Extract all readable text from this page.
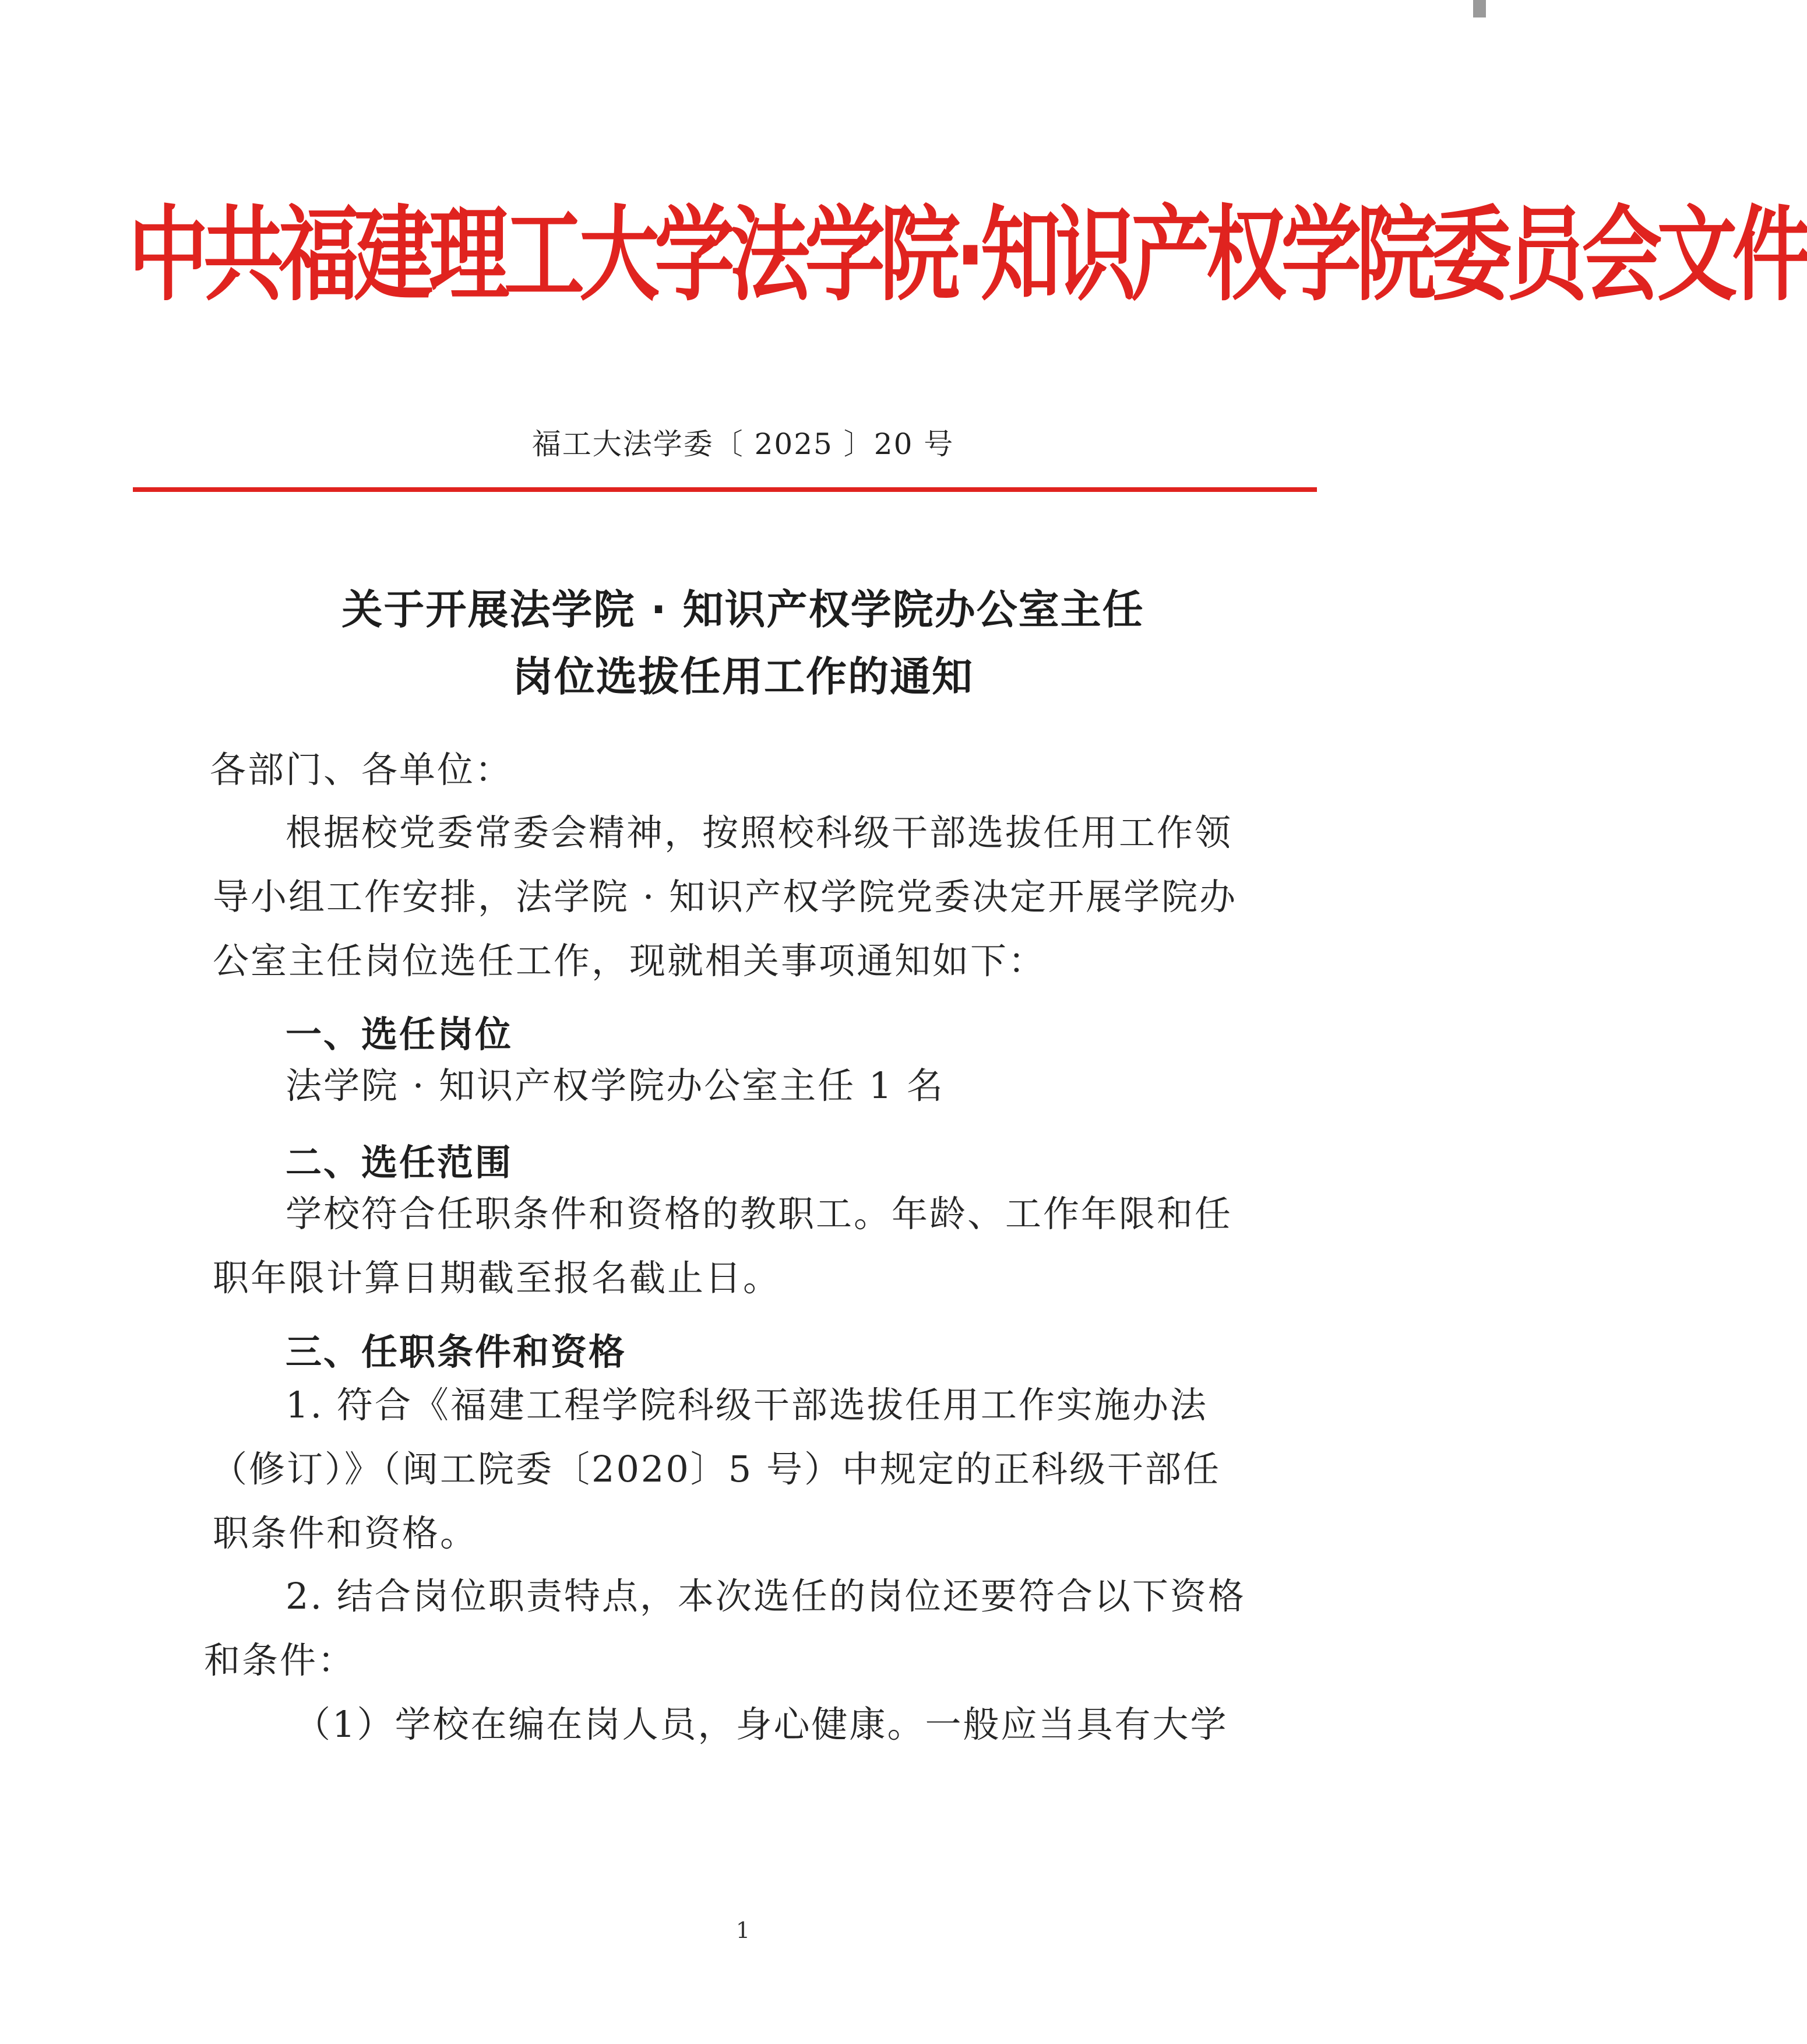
中共福建理工大学法学院·知识产权学院委员会文件
福工大法学委〔 2025 〕20 号
关于开展法学院 · 知识产权学院办公室主任
岗位选拔任用工作的通知
各部门、各单位：
根据校党委常委会精神，按照校科级干部选拔任用工作领
导小组工作安排，法学院 · 知识产权学院党委决定开展学院办
公室主任岗位选任工作，现就相关事项通知如下：
一、选任岗位
法学院 · 知识产权学院办公室主任 1 名
二、选任范围
学校符合任职条件和资格的教职工。年龄、工作年限和任
职年限计算日期截至报名截止日。
三、任职条件和资格
1. 符合《福建工程学院科级干部选拔任用工作实施办法
（修订）》（闽工院委〔2020〕5 号）中规定的正科级干部任
职条件和资格。
2. 结合岗位职责特点，本次选任的岗位还要符合以下资格
和条件：
（1）学校在编在岗人员，身心健康。一般应当具有大学
1
